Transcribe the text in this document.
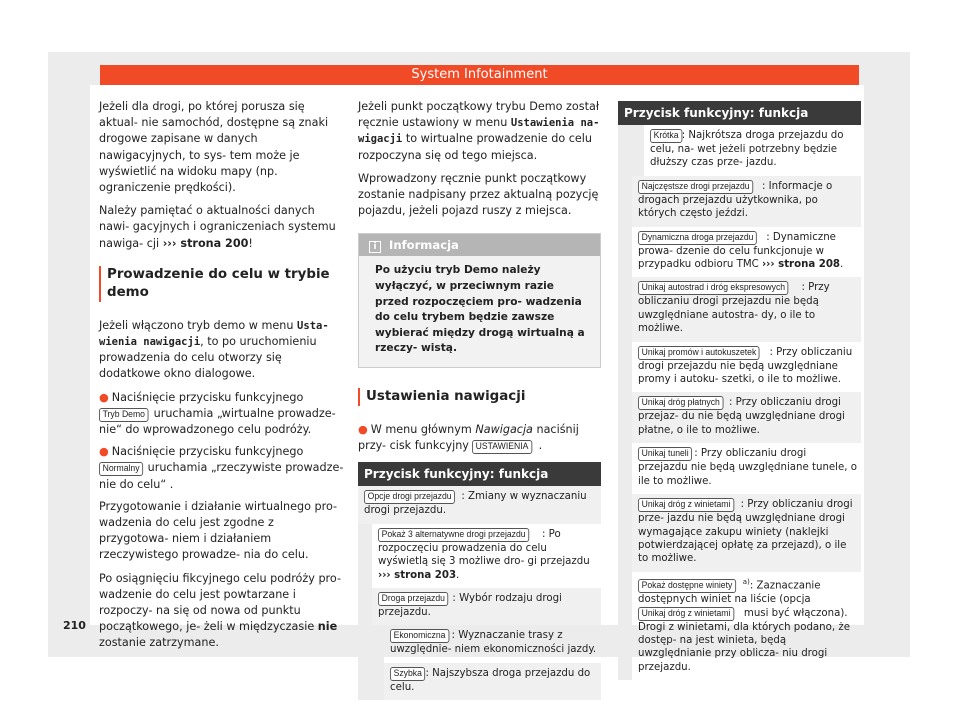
System Infotainment

Jeżeli dla drogi, po której porusza się aktual- nie samochód, dostępne są znaki drogowe zapisane w danych nawigacyjnych, to sys- tem może je wyświetlić na widoku mapy (np. ograniczenie prędkości).

Należy pamiętać o aktualności danych nawi- gacyjnych i ograniczeniach systemu nawiga- cji ››› strona 200!

Prowadzenie do celu w trybie demo

Jeżeli włączono tryb demo w menu Usta- wienia nawigacji, to po uruchomieniu prowadzenia do celu otworzy się dodatkowe okno dialogowe.

● Naciśnięcie przycisku funkcyjnego Tryb Demo uruchamia „wirtualne prowadze- nie“ do wprowadzonego celu podróży.
● Naciśnięcie przycisku funkcyjnego Normalny uruchamia „rzeczywiste prowadze- nie do celu“ .

Przygotowanie i działanie wirtualnego pro- wadzenia do celu jest zgodne z przygotowa- niem i działaniem rzeczywistego prowadze- nia do celu.

Po osiągnięciu fikcyjnego celu podróży pro- wadzenie do celu jest powtarzane i rozpoczy- na się od nowa od punktu początkowego, je- żeli w międzyczasie nie zostanie zatrzymane.

Jeżeli punkt początkowy trybu Demo został ręcznie ustawiony w menu Ustawienia na- wigacji to wirtualne prowadzenie do celu rozpoczyna się od tego miejsca.

Wprowadzony ręcznie punkt początkowy zostanie nadpisany przez aktualną pozycję pojazdu, jeżeli pojazd ruszy z miejsca.

i Informacja
Po użyciu tryb Demo należy wyłączyć, w przeciwnym razie przed rozpoczęciem pro- wadzenia do celu trybem będzie zawsze wybierać między drogą wirtualną a rzeczy- wistą.
Ustawienia nawigacji
● W menu głównym Nawigacja naciśnij przy- cisk funkcyjny USTAWIENIA .
Przycisk funkcyjny: funkcja
Opcje drogi przejazdu : Zmiany w wyznaczaniu drogi przejazdu.
Pokaż 3 alternatywne drogi przejazdu : Po rozpoczęciu prowadzenia do celu wyświetlą się 3 możliwe dro- gi przejazdu ››› strona 203.
Droga przejazdu : Wybór rodzaju drogi przejazdu.
Ekonomiczna : Wyznaczanie trasy z uwzględnie- niem ekonomiczności jazdy.
Szybka : Najszybsza droga przejazdu do celu.
Przycisk funkcyjny: funkcja
Krótka : Najkrótsza droga przejazdu do celu, na- wet jeżeli potrzebny będzie dłuższy czas prze- jazdu.
Najczęstsze drogi przejazdu : Informacje o drogach przejazdu użytkownika, po których często jeździ.
Dynamiczna droga przejazdu : Dynamiczne prowa- dzenie do celu funkcjonuje w przypadku odbioru TMC ››› strona 208.
Unikaj autostrad i dróg ekspresowych : Przy obliczaniu drogi przejazdu nie będą uwzględniane autostra- dy, o ile to możliwe.
Unikaj promów i autokuszetek : Przy obliczaniu drogi przejazdu nie będą uwzględniane promy i autoku- szetki, o ile to możliwe.
Unikaj dróg płatnych : Przy obliczaniu drogi przejaz- du nie będą uwzględniane drogi płatne, o ile to możliwe.
Unikaj tuneli : Przy obliczaniu drogi przejazdu nie będą uwzględniane tunele, o ile to możliwe.
Unikaj dróg z winietami : Przy obliczaniu drogi prze- jazdu nie będą uwzględniane drogi wymagające zakupu winiety (naklejki potwierdzającej opłatę za przejazd), o ile to możliwe.
Pokaż dostępne winiety $^{a)}$: Zaznaczanie dostępnych winiet na liście (opcjaUnikaj dróg z winietami musi być włączona).
Drogi z winietami, dla których podano, że dostęp- na jest winieta, będą uwzględnianie przy oblicza- niu drogi przejazdu.
210
